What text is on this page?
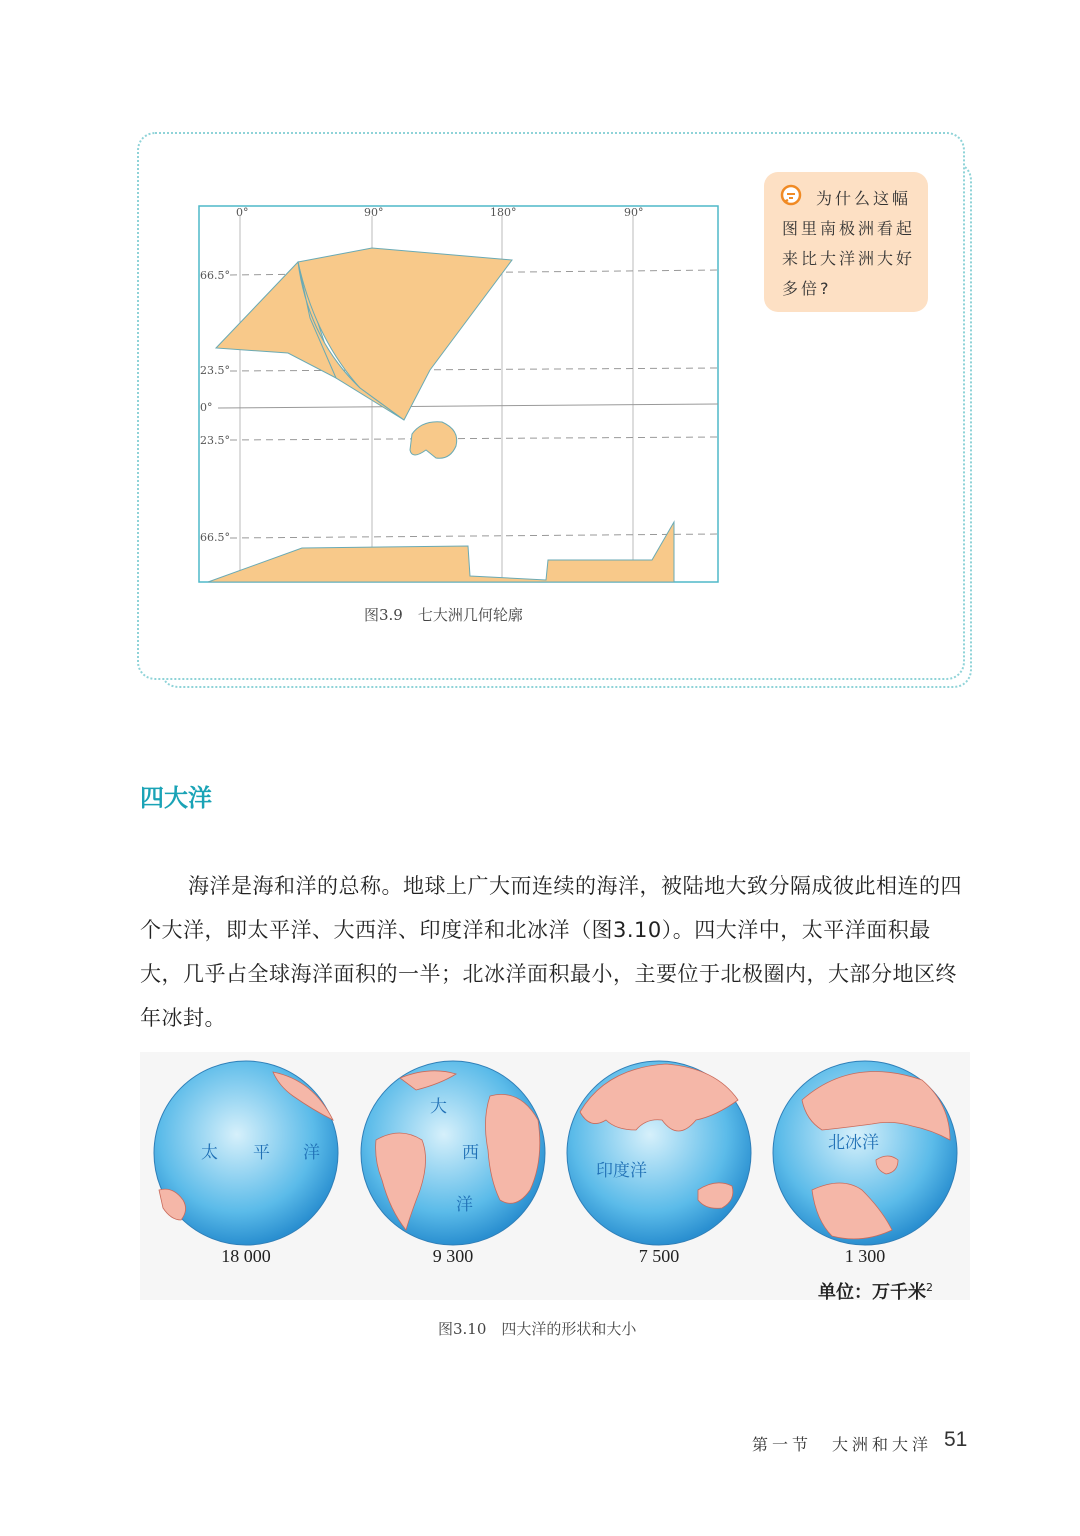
0°	90°	180°	90°
66.5°
23.5°
0°
23.5°
66.5°
图3.9　七大洲几何轮廓
为什么这幅图里南极洲看起来比大洋洲大好多倍?
四大洋
海洋是海和洋的总称。地球上广大而连续的海洋，被陆地大致分隔成彼此相连的四个大洋，即太平洋、大西洋、印度洋和北冰洋（图3.10）。四大洋中，太平洋面积最大，几乎占全球海洋面积的一半；北冰洋面积最小，主要位于北极圈内，大部分地区终年冰封。
太 平 洋
大
西
洋
印度洋
北冰洋
18 000	9 300	7 500	1 300
单位：万千米$^2$
图3.10　四大洋的形状和大小
第一节　大洲和大洋 51
